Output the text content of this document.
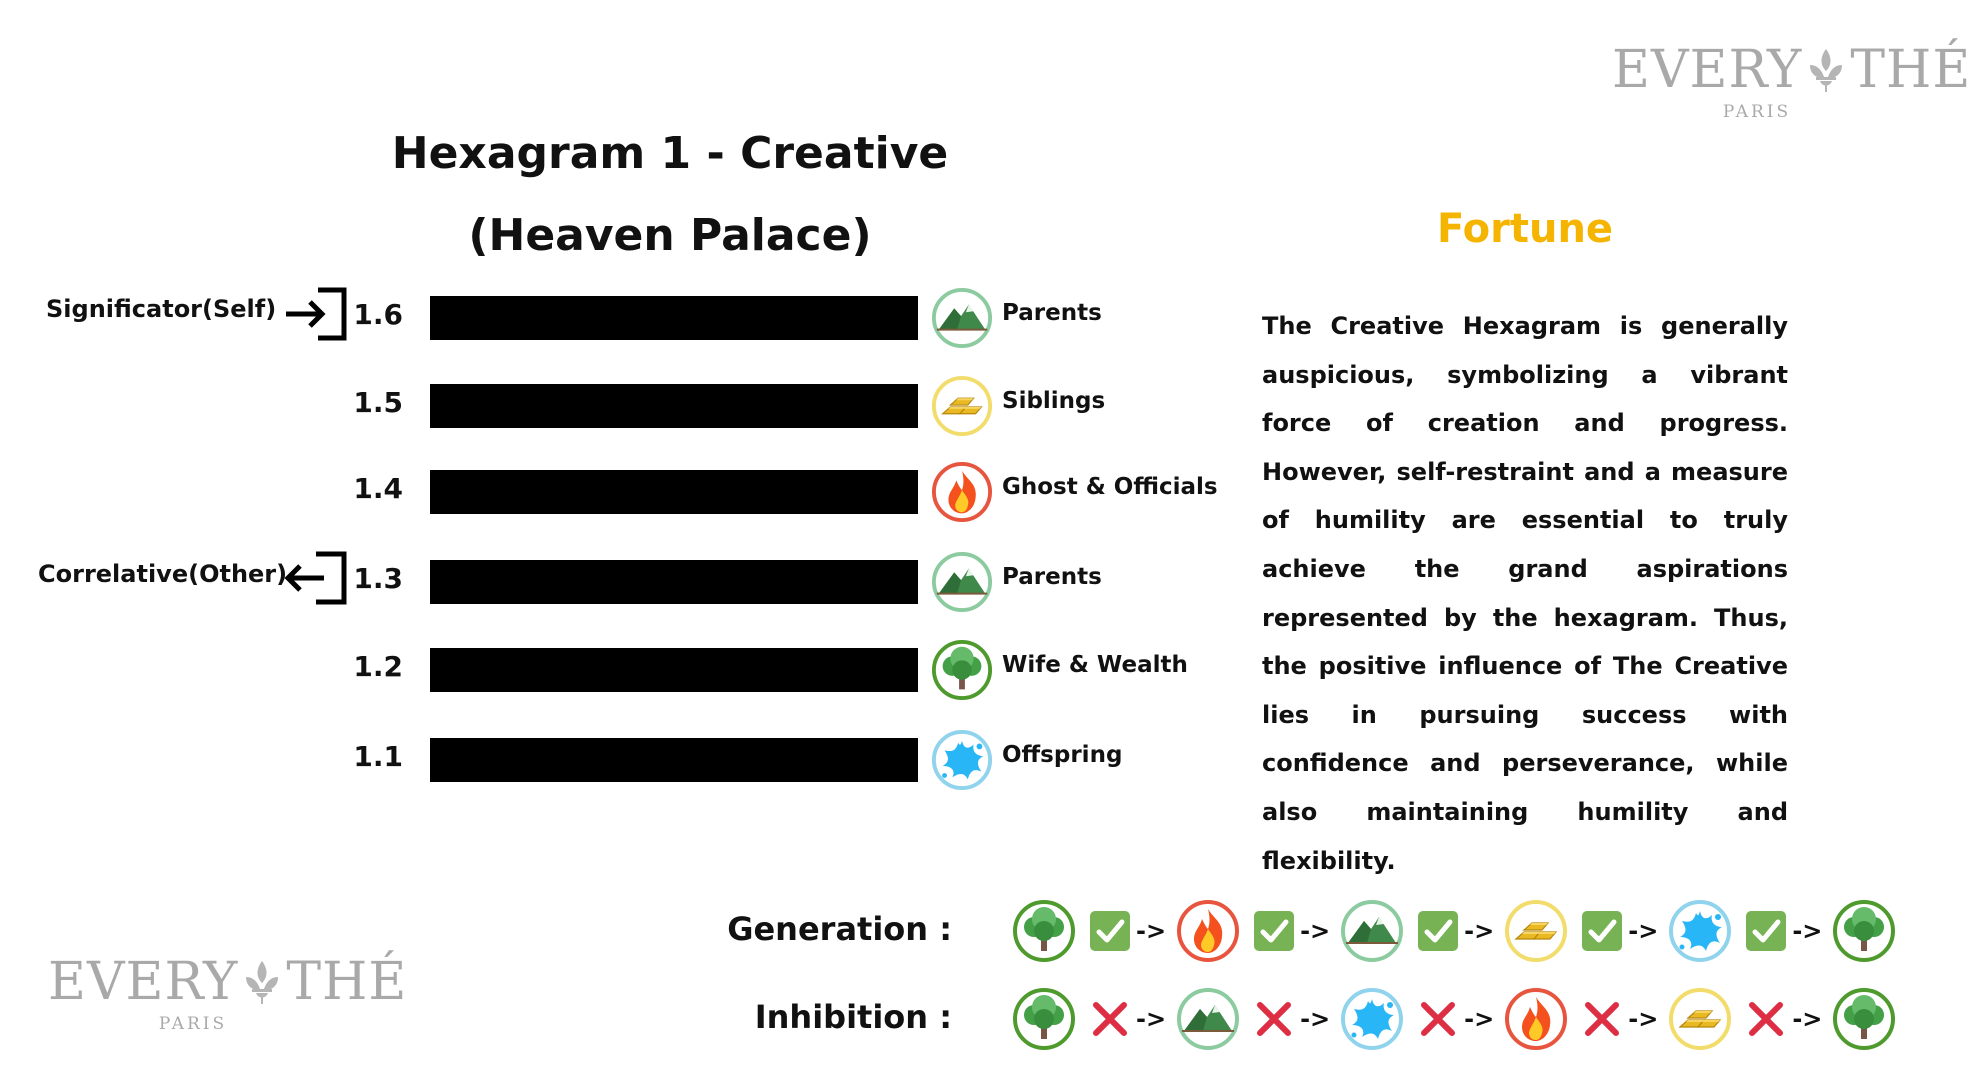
EVERY THÉ
PARIS
EVERY THÉ
PARIS
Hexagram 1 - Creative
(Heaven Palace)
1.6	Parents
1.5	Siblings
1.4	Ghost & Officials
1.3	Parents
1.2	Wife & Wealth
1.1	Offspring
Significator(Self)
Correlative(Other)
Fortune

The Creative Hexagram is generally auspicious, symbolizing a vibrant force of creation and progress. However, self-restraint and a measure of humility are essential to truly achieve the grand aspirations represented by the hexagram. Thus, the positive influence of The Creative lies in pursuing success with confidence and perseverance, while also maintaining humility and flexibility.

Generation :	->	->	->	->	->
Inhibition :	->	->	->	->	->
